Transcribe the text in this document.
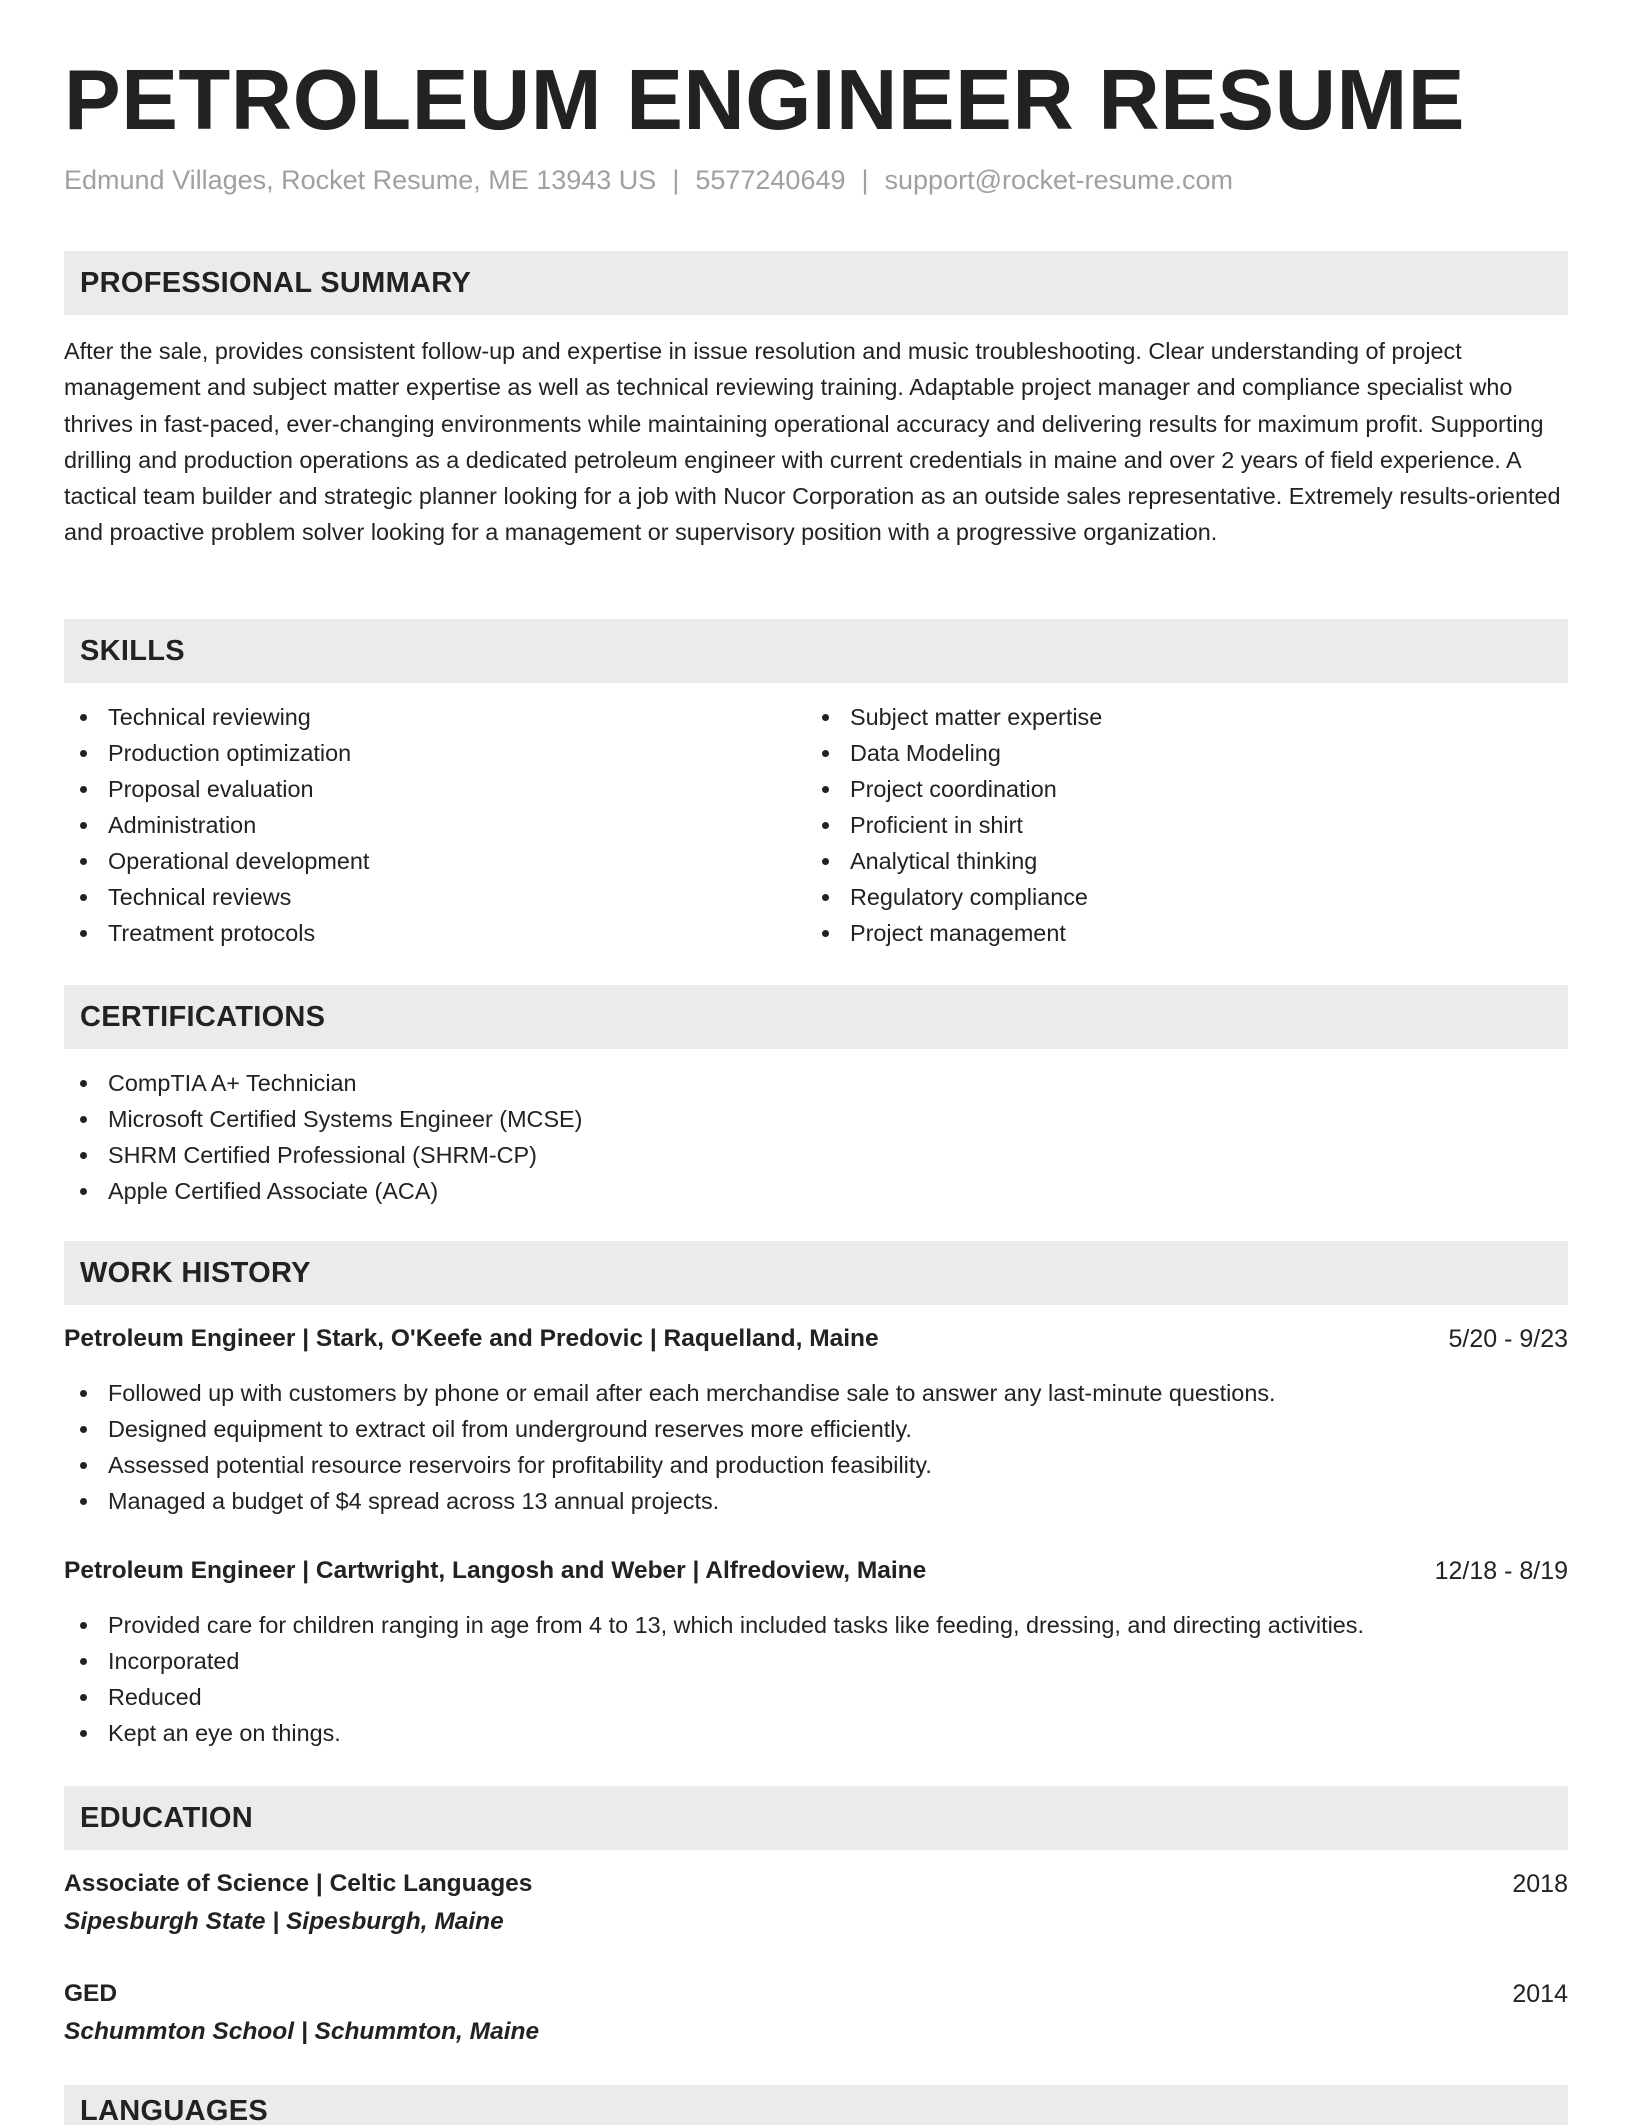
PETROLEUM ENGINEER RESUME
Edmund Villages, Rocket Resume, ME 13943 US | 5577240649 | support@rocket-resume.com
PROFESSIONAL SUMMARY

After the sale, provides consistent follow-up and expertise in issue resolution and music troubleshooting. Clear understanding of project management and subject matter expertise as well as technical reviewing training. Adaptable project manager and compliance specialist who thrives in fast-paced, ever-changing environments while maintaining operational accuracy and delivering results for maximum profit. Supporting drilling and production operations as a dedicated petroleum engineer with current credentials in maine and over 2 years of field experience. A tactical team builder and strategic planner looking for a job with Nucor Corporation as an outside sales representative. Extremely results-oriented and proactive problem solver looking for a management or supervisory position with a progressive organization.

SKILLS
Technical reviewing
Production optimization
Proposal evaluation
Administration
Operational development
Technical reviews
Treatment protocols
Subject matter expertise
Data Modeling
Project coordination
Proficient in shirt
Analytical thinking
Regulatory compliance
Project management
CERTIFICATIONS
CompTIA A+ Technician
Microsoft Certified Systems Engineer (MCSE)
SHRM Certified Professional (SHRM-CP)
Apple Certified Associate (ACA)
WORK HISTORY
Petroleum Engineer | Stark, O'Keefe and Predovic | Raquelland, Maine	5/20 - 9/23
Followed up with customers by phone or email after each merchandise sale to answer any last-minute questions.
Designed equipment to extract oil from underground reserves more efficiently.
Assessed potential resource reservoirs for profitability and production feasibility.
Managed a budget of $4 spread across 13 annual projects.
Petroleum Engineer | Cartwright, Langosh and Weber | Alfredoview, Maine	12/18 - 8/19
Provided care for children ranging in age from 4 to 13, which included tasks like feeding, dressing, and directing activities.
Incorporated
Reduced
Kept an eye on things.
EDUCATION
Associate of Science | Celtic Languages	2018
Sipesburgh State | Sipesburgh, Maine
GED	2014
Schummton School | Schummton, Maine
LANGUAGES
